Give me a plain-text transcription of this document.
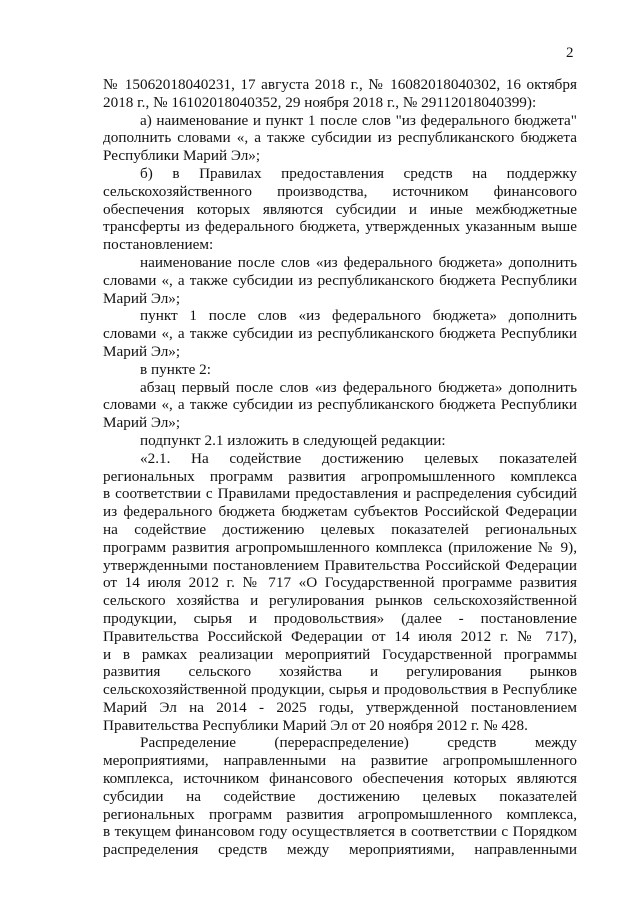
2

№ 15062018040231, 17 августа 2018 г., № 16082018040302, 16 октября

2018 г., № 16102018040352, 29 ноября 2018 г., № 29112018040399):

а) наименование и пункт 1 после слов "из федерального бюджета"

дополнить словами «, а также субсидии из республиканского бюджета

Республики Марий Эл»;

б) в Правилах предоставления средств на поддержку

сельскохозяйственного производства, источником финансового

обеспечения которых являются субсидии и иные межбюджетные

трансферты из федерального бюджета, утвержденных указанным выше

постановлением:

наименование после слов «из федерального бюджета» дополнить

словами «, а также субсидии из республиканского бюджета Республики

Марий Эл»;

пункт 1 после слов «из федерального бюджета» дополнить

словами «, а также субсидии из республиканского бюджета Республики

Марий Эл»;

в пункте 2:

абзац первый после слов «из федерального бюджета» дополнить

словами «, а также субсидии из республиканского бюджета Республики

Марий Эл»;

подпункт 2.1 изложить в следующей редакции:

«2.1. На содействие достижению целевых показателей

региональных программ развития агропромышленного комплекса

в соответствии с Правилами предоставления и распределения субсидий

из федерального бюджета бюджетам субъектов Российской Федерации

на содействие достижению целевых показателей региональных

программ развития агропромышленного комплекса (приложение № 9),

утвержденными постановлением Правительства Российской Федерации

от 14 июля 2012 г. № 717 «О Государственной программе развития

сельского хозяйства и регулирования рынков сельскохозяйственной

продукции, сырья и продовольствия» (далее - постановление

Правительства Российской Федерации от 14 июля 2012 г. № 717),

и в рамках реализации мероприятий Государственной программы

развития сельского хозяйства и регулирования рынков

сельскохозяйственной продукции, сырья и продовольствия в Республике

Марий Эл на 2014 - 2025 годы, утвержденной постановлением

Правительства Республики Марий Эл от 20 ноября 2012 г. № 428.

Распределение (перераспределение) средств между

мероприятиями, направленными на развитие агропромышленного

комплекса, источником финансового обеспечения которых являются

субсидии на содействие достижению целевых показателей

региональных программ развития агропромышленного комплекса,

в текущем финансовом году осуществляется в соответствии с Порядком

распределения средств между мероприятиями, направленными
